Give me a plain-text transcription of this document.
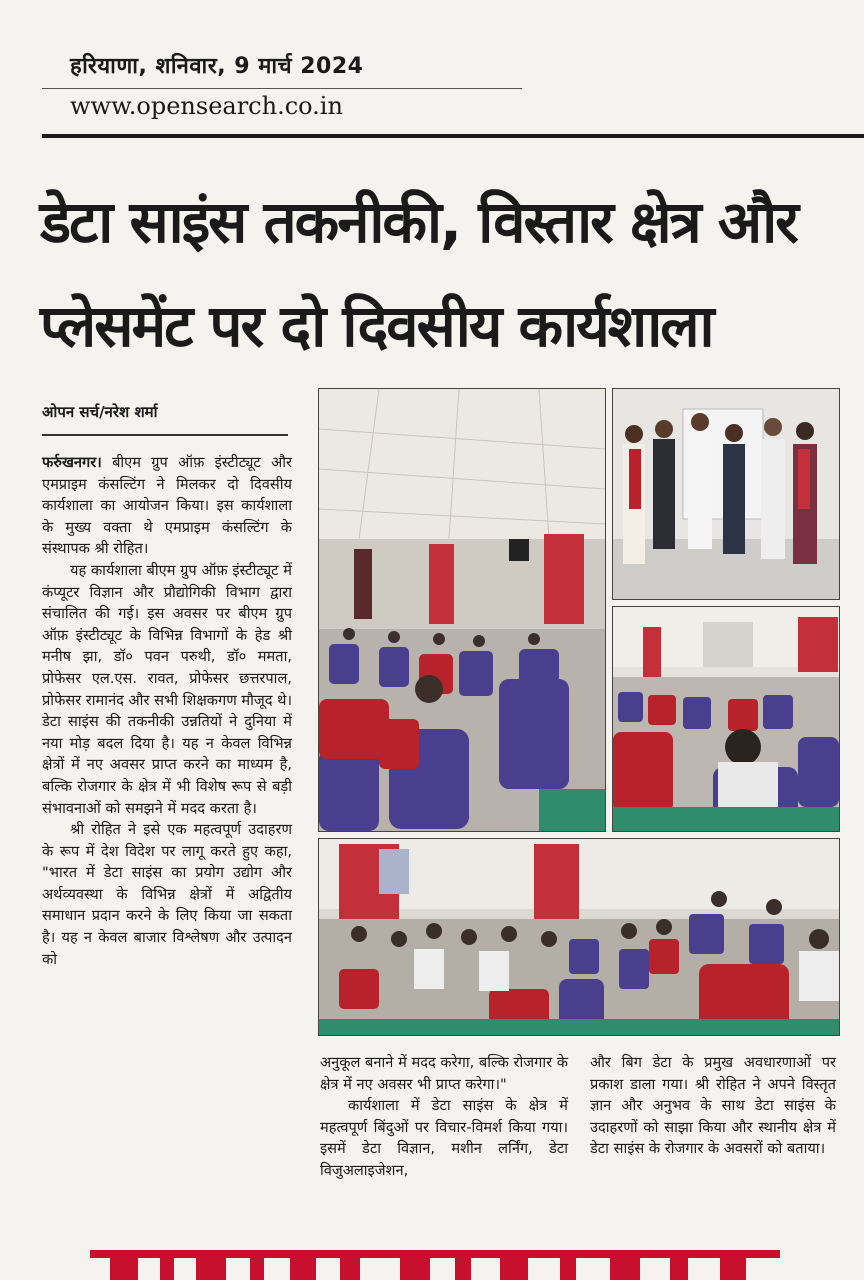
हरियाणा, शनिवार, 9 मार्च 2024
www.opensearch.co.in
डेटा साइंस तकनीकी, विस्तार क्षेत्र और
प्लेसमेंट पर दो दिवसीय कार्यशाला
ओपन सर्च/नरेश शर्मा

फर्रुखनगर। बीएम ग्रुप ऑफ़ इंस्टीट्यूट और एमप्राइम कंसल्टिंग ने मिलकर दो दिवसीय कार्यशाला का आयोजन किया। इस कार्यशाला के मुख्य वक्ता थे एमप्राइम कंसल्टिंग के संस्थापक श्री रोहित।

यह कार्यशाला बीएम ग्रुप ऑफ़ इंस्टीट्यूट में कंप्यूटर विज्ञान और प्रौद्योगिकी विभाग द्वारा संचालित की गई। इस अवसर पर बीएम ग्रुप ऑफ़ इंस्टीट्यूट के विभिन्न विभागों के हेड श्री मनीष झा, डॉ० पवन परुथी, डॉ० ममता, प्रोफेसर एल.एस. रावत, प्रोफेसर छत्तरपाल, प्रोफेसर रामानंद और सभी शिक्षकगण मौजूद थे। डेटा साइंस की तकनीकी उन्नतियों ने दुनिया में नया मोड़ बदल दिया है। यह न केवल विभिन्न क्षेत्रों में नए अवसर प्राप्त करने का माध्यम है, बल्कि रोजगार के क्षेत्र में भी विशेष रूप से बड़ी संभावनाओं को समझने में मदद करता है।

श्री रोहित ने इसे एक महत्वपूर्ण उदाहरण के रूप में देश विदेश पर लागू करते हुए कहा, "भारत में डेटा साइंस का प्रयोग उद्योग और अर्थव्यवस्था के विभिन्न क्षेत्रों में अद्वितीय समाधान प्रदान करने के लिए किया जा सकता है। यह न केवल बाजार विश्लेषण और उत्पादन को

अनुकूल बनाने में मदद करेगा, बल्कि रोजगार के क्षेत्र में नए अवसर भी प्राप्त करेगा।"

कार्यशाला में डेटा साइंस के क्षेत्र में महत्वपूर्ण बिंदुओं पर विचार-विमर्श किया गया। इसमें डेटा विज्ञान, मशीन लर्निंग, डेटा विजुअलाइजेशन,

और बिग डेटा के प्रमुख अवधारणाओं पर प्रकाश डाला गया। श्री रोहित ने अपने विस्तृत ज्ञान और अनुभव के साथ डेटा साइंस के उदाहरणों को साझा किया और स्थानीय क्षेत्र में डेटा साइंस के रोजगार के अवसरों को बताया।
